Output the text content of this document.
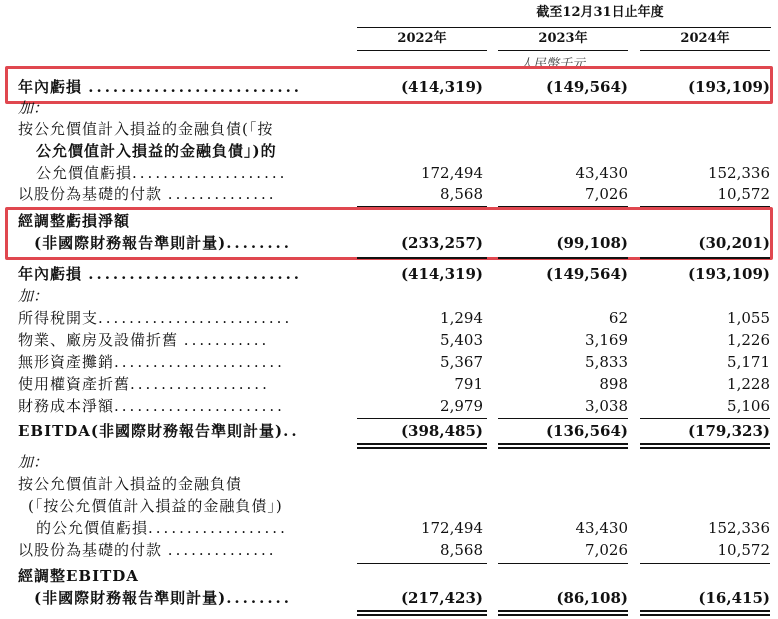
截至12月31日止年度
2022年	2023年	2024年
人民幣千元
年內虧損 ..........................	(414,319)	(149,564)	(193,109)
加：
按公允價值計入損益的金融負債(「按
公允價值計入損益的金融負債」)的
公允價值虧損....................	172,494	43,430	152,336
以股份為基礎的付款 ..............	8,568	7,026	10,572
經調整虧損淨額
(非國際財務報告準則計量)........	(233,257)	(99,108)	(30,201)
年內虧損 ..........................	(414,319)	(149,564)	(193,109)
加：
所得稅開支.........................	1,294	62	1,055
物業、廠房及設備折舊 ...........	5,403	3,169	1,226
無形資產攤銷......................	5,367	5,833	5,171
使用權資產折舊..................	791	898	1,228
財務成本淨額......................	2,979	3,038	5,106
EBITDA(非國際財務報告準則計量)..	(398,485)	(136,564)	(179,323)
加：
按公允價值計入損益的金融負債
(「按公允價值計入損益的金融負債」)
的公允價值虧損..................	172,494	43,430	152,336
以股份為基礎的付款 ..............	8,568	7,026	10,572
經調整EBITDA
(非國際財務報告準則計量)........	(217,423)	(86,108)	(16,415)
